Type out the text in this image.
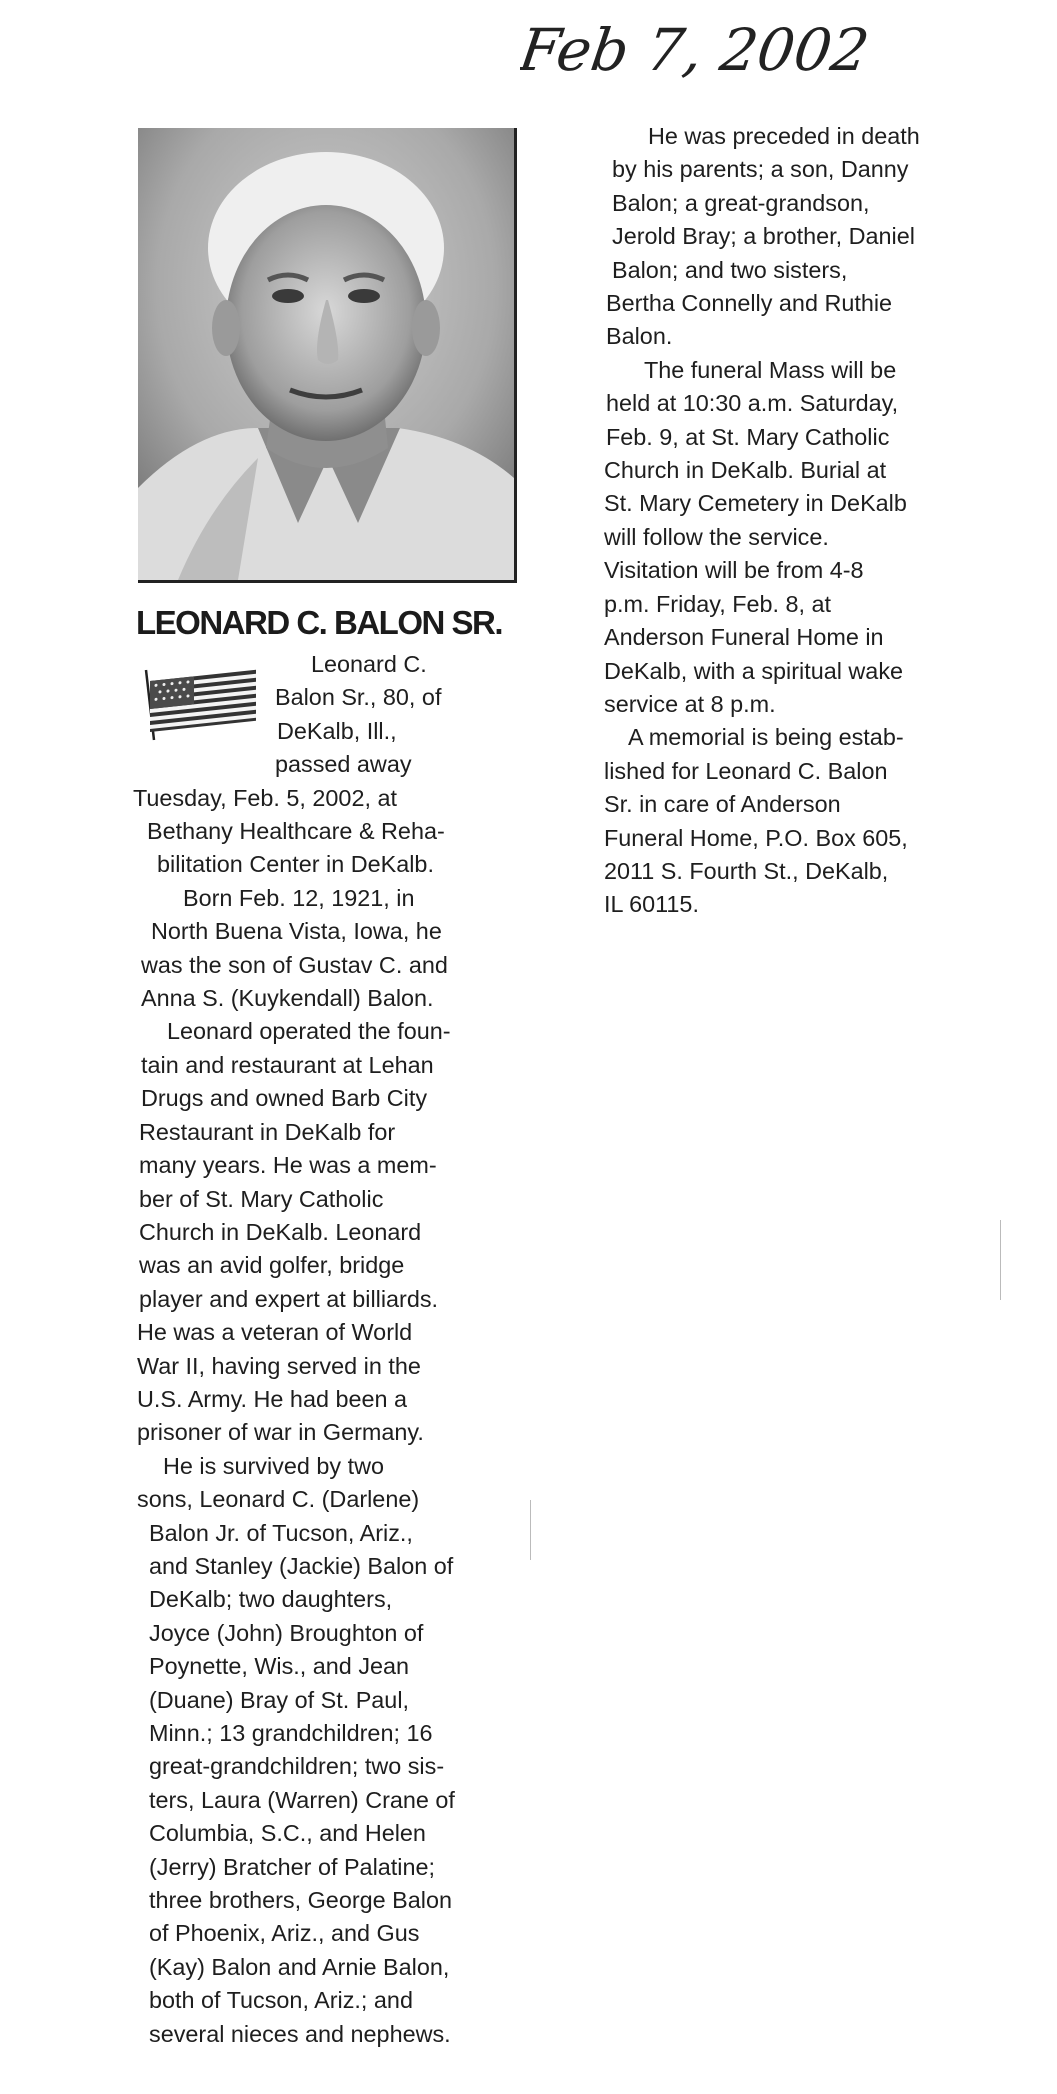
Feb 7, 2002
LEONARD C. BALON SR.
Leonard C.
Balon Sr., 80, of
DeKalb, Ill.,
passed away
Tuesday, Feb. 5, 2002, at
Bethany Healthcare & Reha-
bilitation Center in DeKalb.
Born Feb. 12, 1921, in
North Buena Vista, Iowa, he
was the son of Gustav C. and
Anna S. (Kuykendall) Balon.
Leonard operated the foun-
tain and restaurant at Lehan
Drugs and owned Barb City
Restaurant in DeKalb for
many years. He was a mem-
ber of St. Mary Catholic
Church in DeKalb. Leonard
was an avid golfer, bridge
player and expert at billiards.
He was a veteran of World
War II, having served in the
U.S. Army. He had been a
prisoner of war in Germany.
He is survived by two
sons, Leonard C. (Darlene)
Balon Jr. of Tucson, Ariz.,
and Stanley (Jackie) Balon of
DeKalb; two daughters,
Joyce (John) Broughton of
Poynette, Wis., and Jean
(Duane) Bray of St. Paul,
Minn.; 13 grandchildren; 16
great-grandchildren; two sis-
ters, Laura (Warren) Crane of
Columbia, S.C., and Helen
(Jerry) Bratcher of Palatine;
three brothers, George Balon
of Phoenix, Ariz., and Gus
(Kay) Balon and Arnie Balon,
both of Tucson, Ariz.; and
several nieces and nephews.
He was preceded in death
by his parents; a son, Danny
Balon; a great-grandson,
Jerold Bray; a brother, Daniel
Balon; and two sisters,
Bertha Connelly and Ruthie
Balon.
The funeral Mass will be
held at 10:30 a.m. Saturday,
Feb. 9, at St. Mary Catholic
Church in DeKalb. Burial at
St. Mary Cemetery in DeKalb
will follow the service.
Visitation will be from 4-8
p.m. Friday, Feb. 8, at
Anderson Funeral Home in
DeKalb, with a spiritual wake
service at 8 p.m.
A memorial is being estab-
lished for Leonard C. Balon
Sr. in care of Anderson
Funeral Home, P.O. Box 605,
2011 S. Fourth St., DeKalb,
IL 60115.
